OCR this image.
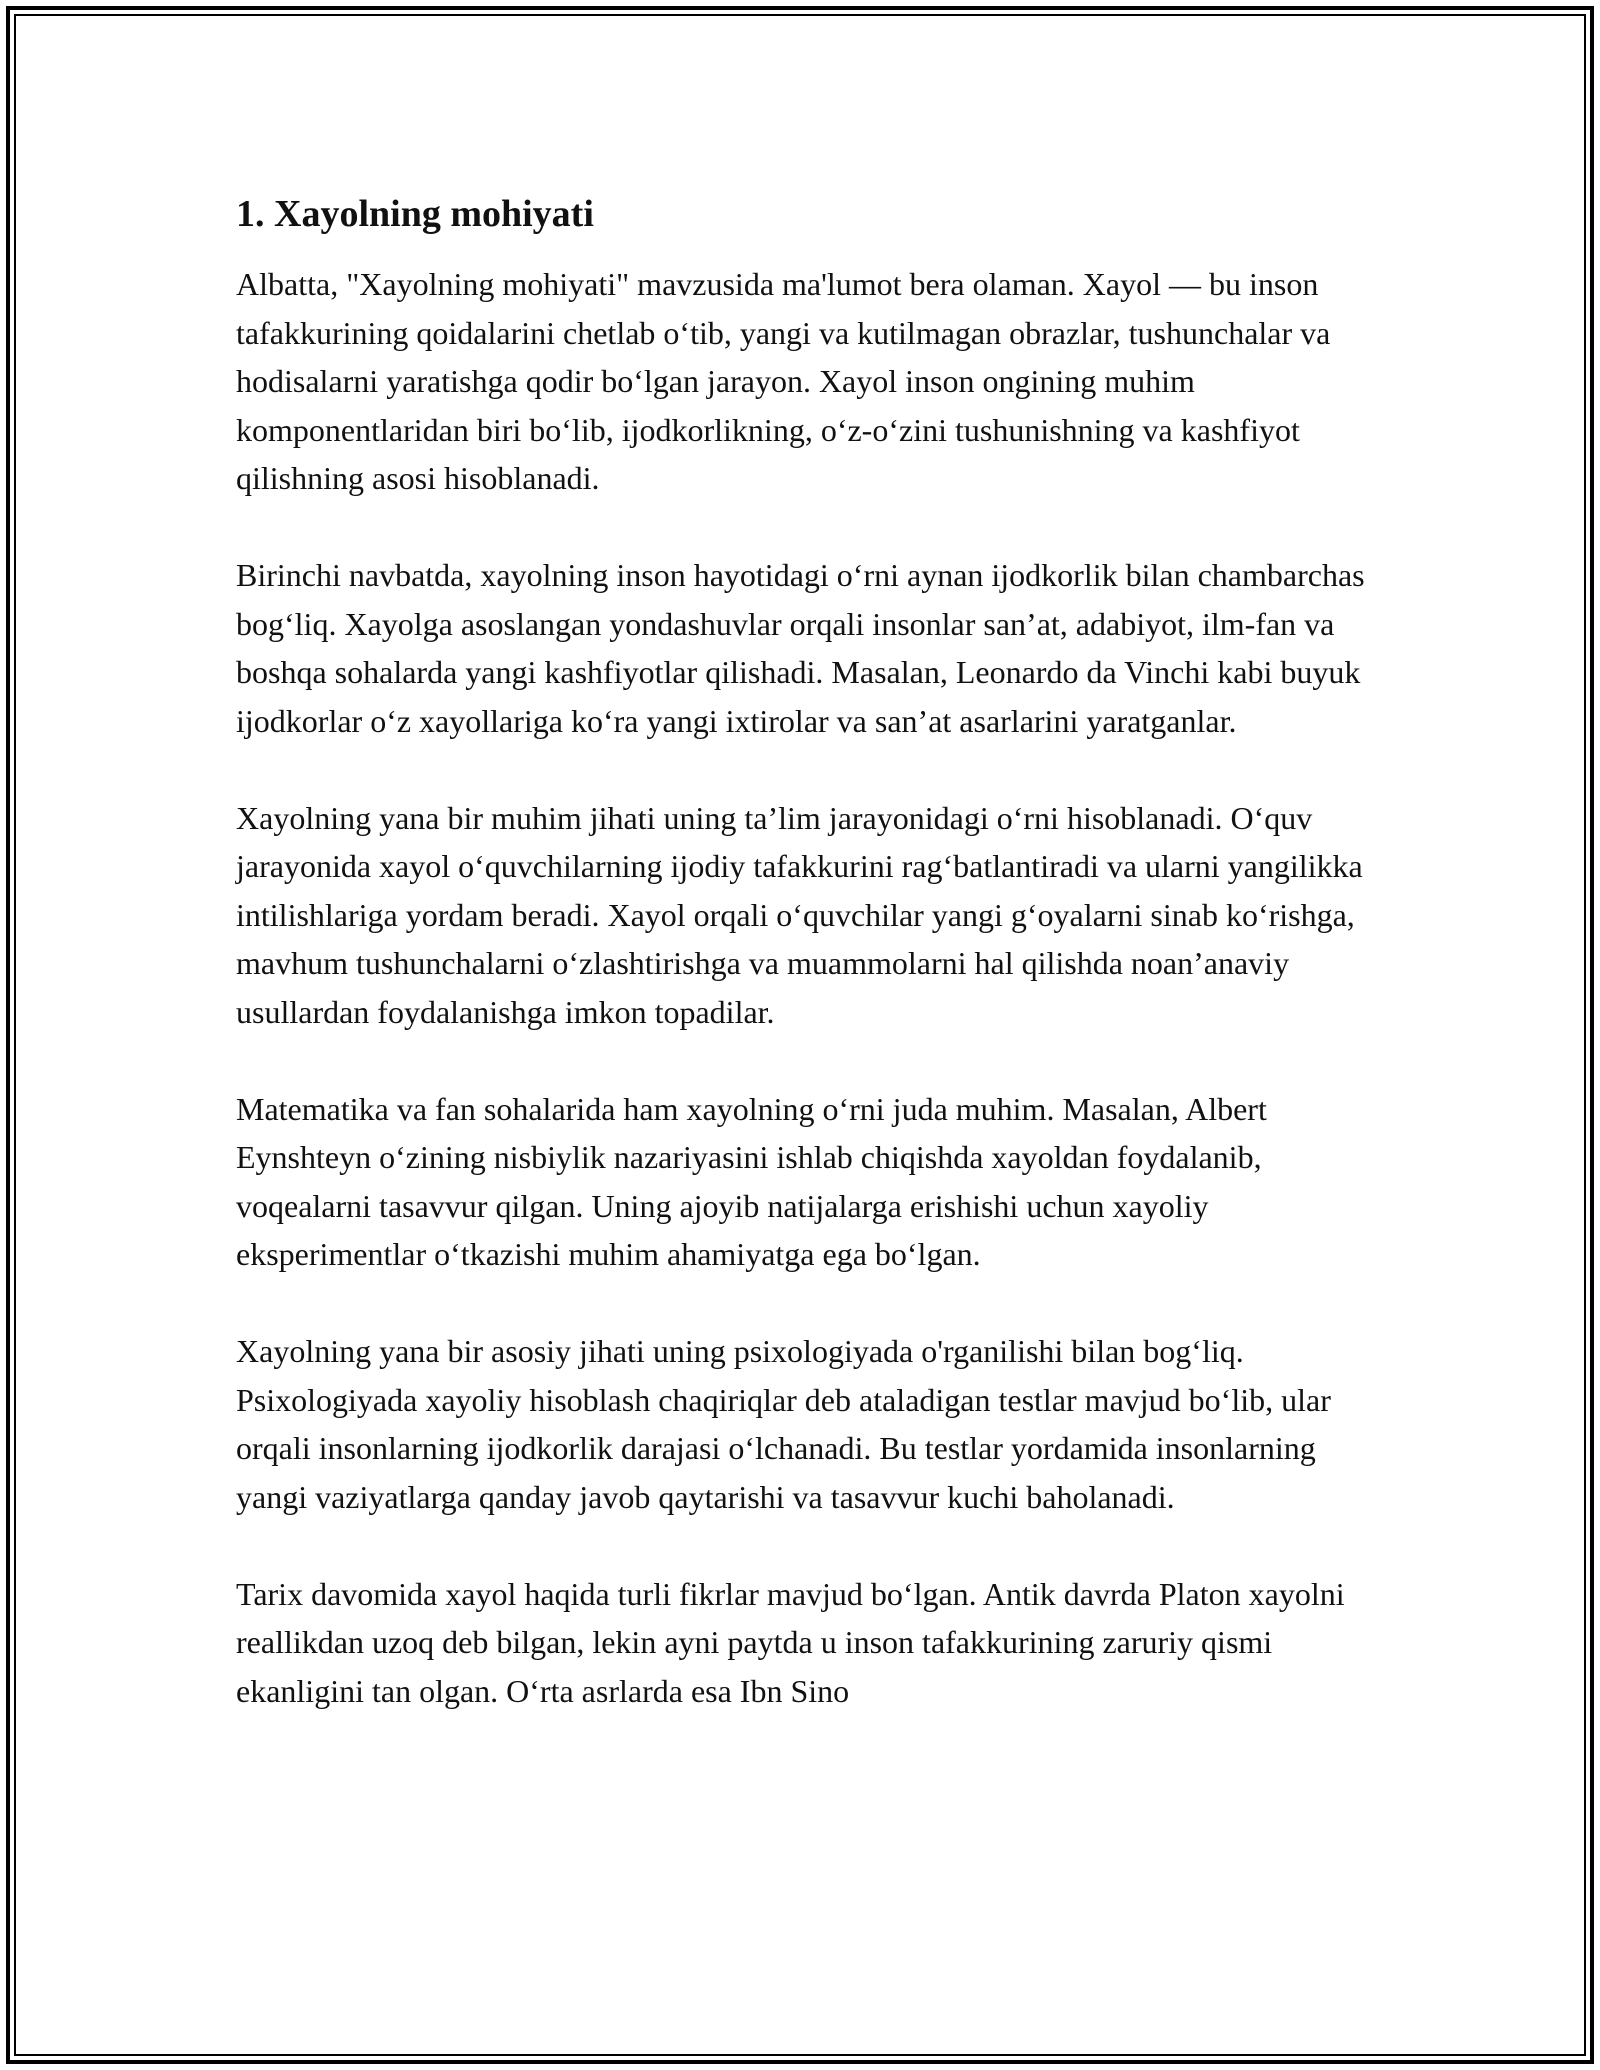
1. Xayolning mohiyati

Albatta, "Xayolning mohiyati" mavzusida ma'lumot bera olaman. Xayol — bu inson tafakkurining qoidalarini chetlab oʻtib, yangi va kutilmagan obrazlar, tushunchalar va hodisalarni yaratishga qodir boʻlgan jarayon. Xayol inson ongining muhim komponentlaridan biri boʻlib, ijodkorlikning, oʻz-oʻzini tushunishning va kashfiyot qilishning asosi hisoblanadi.

Birinchi navbatda, xayolning inson hayotidagi oʻrni aynan ijodkorlik bilan chambarchas bogʻliq. Xayolga asoslangan yondashuvlar orqali insonlar san’at, adabiyot, ilm-fan va boshqa sohalarda yangi kashfiyotlar qilishadi. Masalan, Leonardo da Vinchi kabi buyuk ijodkorlar oʻz xayollariga koʻra yangi ixtirolar va san’at asarlarini yaratganlar.

Xayolning yana bir muhim jihati uning ta’lim jarayonidagi oʻrni hisoblanadi. Oʻquv jarayonida xayol oʻquvchilarning ijodiy tafakkurini ragʻbatlantiradi va ularni yangilikka intilishlariga yordam beradi. Xayol orqali oʻquvchilar yangi gʻoyalarni sinab koʻrishga, mavhum tushunchalarni oʻzlashtirishga va muammolarni hal qilishda noan’anaviy usullardan foydalanishga imkon topadilar.

Matematika va fan sohalarida ham xayolning oʻrni juda muhim. Masalan, Albert Eynshteyn oʻzining nisbiylik nazariyasini ishlab chiqishda xayoldan foydalanib, voqealarni tasavvur qilgan. Uning ajoyib natijalarga erishishi uchun xayoliy eksperimentlar oʻtkazishi muhim ahamiyatga ega boʻlgan.

Xayolning yana bir asosiy jihati uning psixologiyada o'rganilishi bilan bogʻliq. Psixologiyada xayoliy hisoblash chaqiriqlar deb ataladigan testlar mavjud boʻlib, ular orqali insonlarning ijodkorlik darajasi oʻlchanadi. Bu testlar yordamida insonlarning yangi vaziyatlarga qanday javob qaytarishi va tasavvur kuchi baholanadi.

Tarix davomida xayol haqida turli fikrlar mavjud boʻlgan. Antik davrda Platon xayolni reallikdan uzoq deb bilgan, lekin ayni paytda u inson tafakkurining zaruriy qismi ekanligini tan olgan. Oʻrta asrlarda esa Ibn Sino
